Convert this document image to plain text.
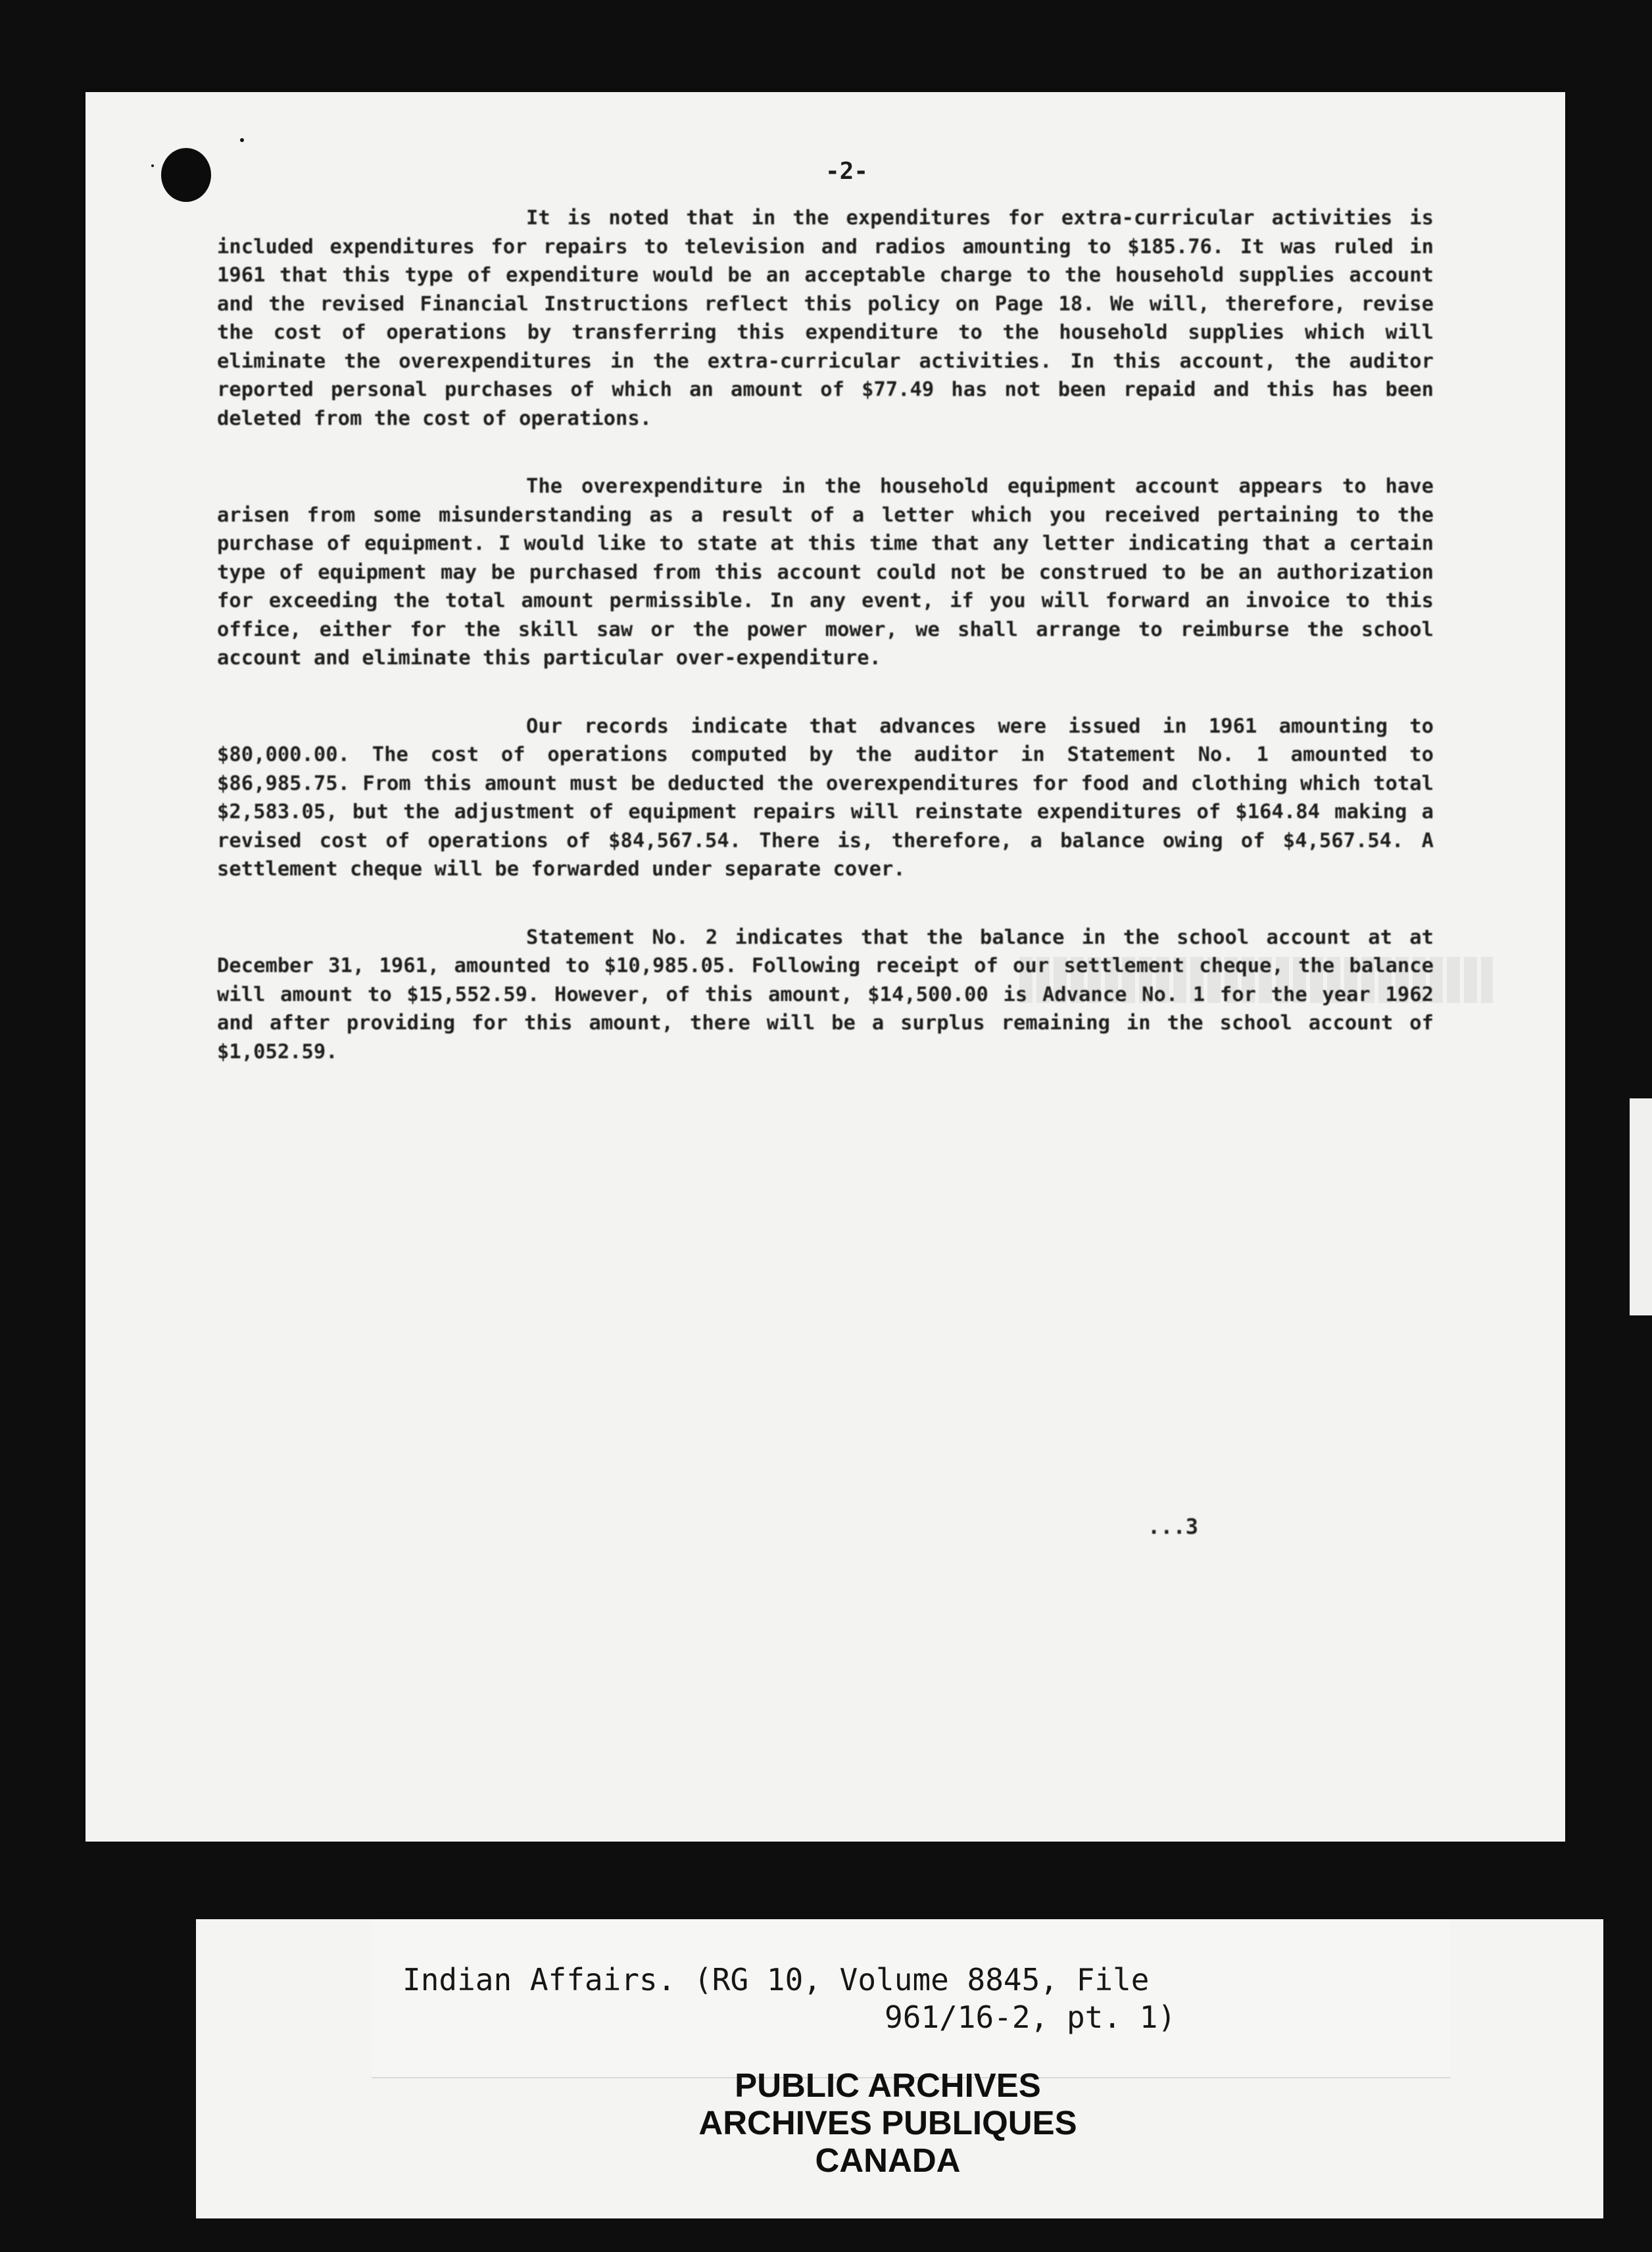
-2-

It is noted that in the expenditures for extra-curricular activities is included expenditures for repairs to television and radios amounting to $185.76. It was ruled in 1961 that this type of expenditure would be an acceptable charge to the household supplies account and the revised Financial Instructions reflect this policy on Page 18. We will, therefore, revise the cost of operations by transferring this expenditure to the household supplies which will eliminate the overexpenditures in the extra-curricular activities. In this account, the auditor reported personal purchases of which an amount of $77.49 has not been repaid and this has been deleted from the cost of operations.

The overexpenditure in the household equipment account appears to have arisen from some misunderstanding as a result of a letter which you received pertaining to the purchase of equipment. I would like to state at this time that any letter indicating that a certain type of equipment may be purchased from this account could not be construed to be an authorization for exceeding the total amount permissible. In any event, if you will forward an invoice to this office, either for the skill saw or the power mower, we shall arrange to reimburse the school account and eliminate this particular over-expenditure.

Our records indicate that advances were issued in 1961 amounting to $80,000.00. The cost of operations computed by the auditor in Statement No. 1 amounted to $86,985.75. From this amount must be deducted the overexpenditures for food and clothing which total $2,583.05, but the adjustment of equipment repairs will reinstate expenditures of $164.84 making a revised cost of operations of $84,567.54. There is, therefore, a balance owing of $4,567.54. A settlement cheque will be forwarded under separate cover.

Statement No. 2 indicates that the balance in the school account at at December 31, 1961, amounted to $10,985.05. Following receipt of our settlement cheque, the balance will amount to $15,552.59. However, of this amount, $14,500.00 is Advance No. 1 for the year 1962 and after providing for this amount, there will be a surplus remaining in the school account of $1,052.59.

...3
Indian Affairs. (RG 10, Volume 8845, File
961/16-2, pt. 1)
PUBLIC ARCHIVES
ARCHIVES PUBLIQUES
CANADA
